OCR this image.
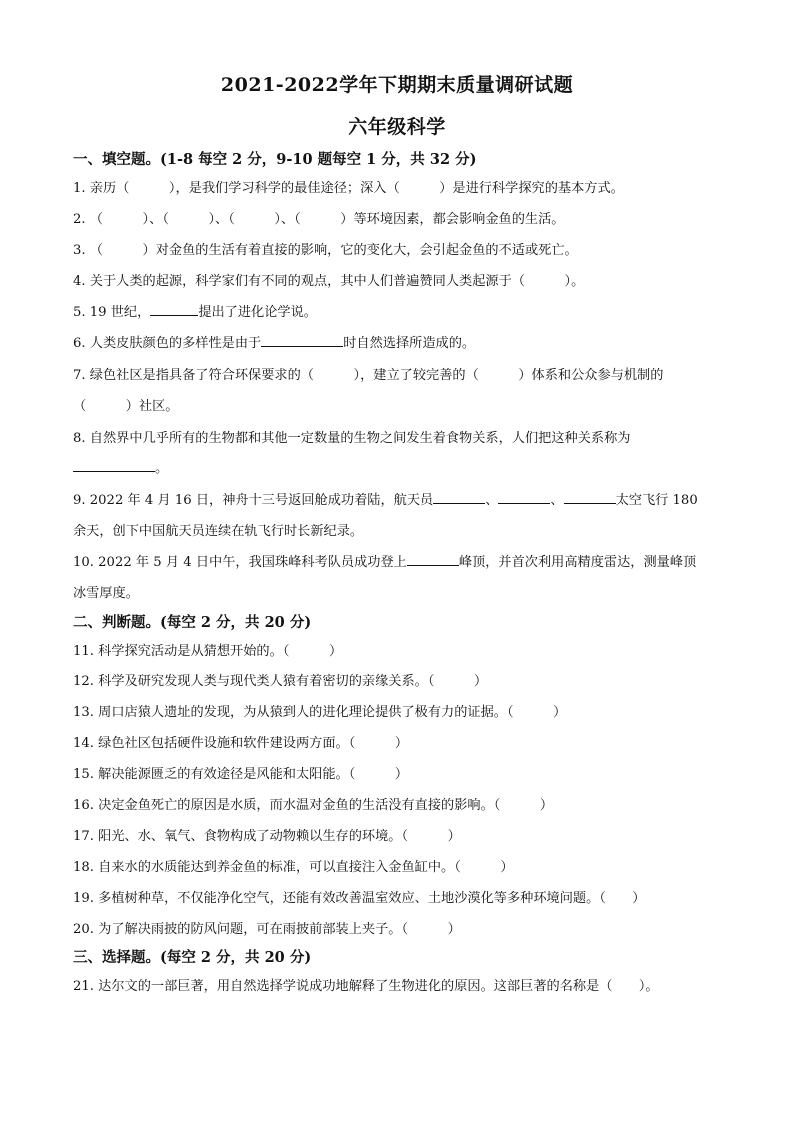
2021-2022学年下期期末质量调研试题
六年级科学
一、填空题。(1-8 每空 2 分，9-10 题每空 1 分，共 32 分)
1. 亲历（　　　），是我们学习科学的最佳途径；深入（　　　）是进行科学探究的基本方式。
2. （　　　）、（　　　）、（　　　）、（　　　）等环境因素，都会影响金鱼的生活。
3. （　　　）对金鱼的生活有着直接的影响，它的变化大，会引起金鱼的不适或死亡。
4. 关于人类的起源，科学家们有不同的观点，其中人们普遍赞同人类起源于（　　　）。
5. 19 世纪，	提出了进化论学说。
6. 人类皮肤颜色的多样性是由于	时自然选择所造成的。
7. 绿色社区是指具备了符合环保要求的（　　　），建立了较完善的（　　　）体系和公众参与机制的
（　　　）社区。
8. 自然界中几乎所有的生物都和其他一定数量的生物之间发生着食物关系，人们把这种关系称为
。
9. 2022 年 4 月 16 日，神舟十三号返回舱成功着陆，航天员	、	、	太空飞行 180
余天，创下中国航天员连续在轨飞行时长新纪录。
10. 2022 年 5 月 4 日中午，我国珠峰科考队员成功登上	峰顶，并首次利用高精度雷达，测量峰顶
冰雪厚度。
二、判断题。(每空 2 分，共 20 分)
11. 科学探究活动是从猜想开始的。（　　　）
12. 科学及研究发现人类与现代类人猿有着密切的亲缘关系。（　　　）
13. 周口店猿人遗址的发现，为从猿到人的进化理论提供了极有力的证据。（　　　）
14. 绿色社区包括硬件设施和软件建设两方面。（　　　）
15. 解决能源匮乏的有效途径是风能和太阳能。（　　　）
16. 决定金鱼死亡的原因是水质，而水温对金鱼的生活没有直接的影响。（　　　）
17. 阳光、水、氧气、食物构成了动物赖以生存的环境。（　　　）
18. 自来水的水质能达到养金鱼的标准，可以直接注入金鱼缸中。（　　　）
19. 多植树种草，不仅能净化空气，还能有效改善温室效应、土地沙漠化等多种环境问题。（　　）
20. 为了解决雨披的防风问题，可在雨披前部装上夹子。（　　　）
三、选择题。(每空 2 分，共 20 分)
21. 达尔文的一部巨著，用自然选择学说成功地解释了生物进化的原因。这部巨著的名称是（　　）。
